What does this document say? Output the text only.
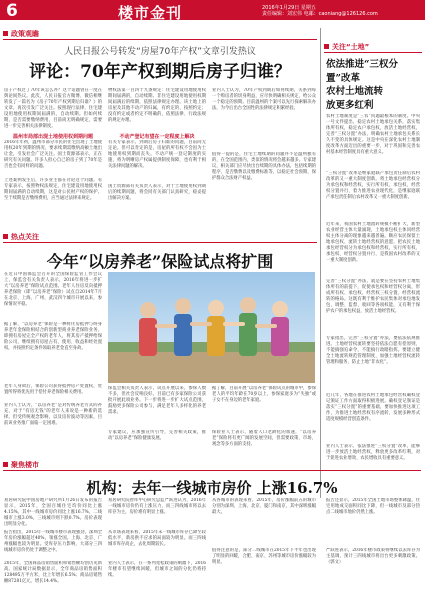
6	楼市金刊	2016年1月29日 星期五
责任编辑：刘宏伟 电邮：caoniang@126126.com
政策观瞻
人民日报公号转发“房屋70年产权”文章引发热议
评论：70年产权到期后房子归谁？
房子产权过了70年该怎么办？这个话题曾在一度在舆论间热议。此次，人民日报官方微博、微信相继转发了一篇名为《房子70年产权到期后归谁？》的文章，再次引发广泛关注。按照现行法律，住宅建设用地使用权期间届满的，自动续期。但如何续期、是否需要缴纳费用，目前尚无明确规定，需要进一步完善相关法律制度。
温州市局部出现土地使用权到期问题
2016年年初，温州市部分市民的住宅出现了土地使用权20年到期的情况，要求续期需缴纳高额土地出让金，引发社会广泛关注。国土资源部表示，正在研究有关问题。许多人担心自己的房子到了70年是否也会有同样的问题。
上述案例发生后，许多业主都在讨论这个问题。有专家表示，按照物权法规定，住宅建设用地使用权期间届满的自动续期，这是对公民财产权的保护。至于续期是否缴纳费用，应当通过法律来规定。
物权法第一百四十九条规定：住宅建设用地使用权期间届满的，自动续期。非住宅建设用地使用权期间届满后的续期，依照法律规定办理。该土地上的房屋及其他不动产的归属，有约定的，按照约定；没有约定或者约定不明确的，依照法律、行政法规的规定办理。
不动产登记有望在一定程度上解决
有关专家表示，到期后房子归谁的问题，目前尚无定论。但可以肯定的是，房屋的所有权不会因为土地使用权到期而丧失。不动产统一登记制度的实施，将为明晰房产权属提供制度保障，也有利于相关法律问题的解决。
国土资源部有关负责人表示，对于土地使用权到期后的续期问题，将会同有关部门认真研究，稳妥提出解决方案。
业内人士认为，70年产权到期后如何续期，关系到每一个购房者的切身利益，应尽快明确相关规定，给公众一个稳定的预期。目前温州的个案可以先行探索解决办法，为今后出台全国性的法律规定积累经验。
值得一提的是，住宅土地续期的问题并不是温州独有的，在全国范围内，类似的情况将会越来越多。专家建议，相关部门应尽快出台续期的具体办法，包括续期的程序、是否缴费以及缴费标准等，以稳定社会预期，保护群众合法财产权益。
关注“土地”
依法推进“三权分置”改革
农村土地流转
放更多红利
农村土地制度是“三农”问题最根本的制度。中央一号文件提出，稳定农村土地承包关系，落实集体所有权，稳定农户承包权，放活土地经营权，完善“三权分置”办法，明确农村土地承包关系长久不变的具体规定。这是中央在深化农村土地制度改革方面迈出的重要一步，对于巩固和完善农村基本经营制度具有重大意义。
“三权分置”改革是继家庭联产承包责任制后农村改革的又一重大制度创新。将土地承包经营权分为承包权和经营权，实行所有权、承包权、经营权分置并行，着力推进农业现代化，是继家庭联产承包责任制后农村改革又一重大制度创新。
近年来，我国农村土地流转规模不断扩大，新型农业经营主体大量涌现，土地承包权主体同经营权主体分离的现象越来越普遍。顺应农民保留土地承包权、流转土地经营权的意愿，把农民土地承包经营权分为承包权和经营权，实行所有权、承包权、经营权分置并行，是我国农村改革的又一重大制度创新。
完善“三权分置”办法，就是要在坚持农村土地集体所有的前提下，促使承包权和经营权分离，形成所有权、承包权、经营权三权分置、经营权流转的格局。这既有利于维护农民集体对承包地发包、调整、监督、收回等各项权能，又有利于保护农户的承包权益，放活土地经营权。
专家指出，完善“三权分置”办法，要依法依规推进。土地经营权流转要坚持依法自愿有偿原则，不能搞强迫命令，不能搞行政瞎指挥。要建立健全土地流转规范管理制度，加强土地经营权流转管理和服务，防止土地“非农化”。
近几年，各地在推进农村土地承包经营权确权登记颁证工作方面取得积极进展。确权登记颁证是落实“三权分置”的重要基础，要加快推进这项工作，为推进土地经营权有序流转、发展多种形式适度规模经营创造条件。
业内人士表示，依法推进“三权分置”改革，能够进一步放活土地经营权，释放更多改革红利，对于促进农业增效、农民增收具有重要意义。
热点关注
今年“以房养老”保险试点将扩围
在近日中国保监会召开的全国保险监管工作会议上，保监会有关负责人表示，2016年将进一步扩大“以房养老”保险试点范围。老年人住房反向抵押养老保险（即“以房养老”保险）试点自2014年7月在北京、上海、广州、武汉四个城市开展以来，参保情况平稳。
据了解，“以房养老”保险是一种将住房抵押与终身养老年金保险相结合的创新型商业养老保险业务，即拥有房屋完全产权的老年人，将其房产抵押给保险公司，继续拥有房屋占有、使用、收益和经处置权，并按照约定条件领取养老金直至身故。
老年人身故后，保险公司获得抵押房产处置权，处置所得将优先用于偿付养老保险相关费用。
保监会相关负责人表示，试点开展以来，参保人数不多，但社会反响良好。目前已有多家保险公司获批开展此项业务。下一步将进一步扩大试点范围，鼓励更多保险公司参与，满足老年人多样化的养老需求。
据了解，目前开展“以房养老”保险试点的城市中，参保老人的平均年龄在70岁以上，参保家庭多为“失独”或子女不在身边的老年家庭。
业内人士认为，“以房养老”是对传统养老方式的补充，对于“有房无钱”的老年人来说是一种新的选择。但受传统观念影响，以及房价波动等因素，目前该业务推广面临一定困难。
专家建议，应加强宣传引导，完善相关政策，推动“以房养老”保险健康发展。
保险业人士表示，随着人口老龄化的加速，“以房养老”保险将有更广阔的发展空间，但需要政策、市场、观念等多方面的支持。
聚焦楼市
机构：去年一线城市房价 上涨16.7%
易居研究院中国房地产研究所1月26日发布的报告显示，2015年，全国百城住宅均价同比上涨4.15%，其中一线城市房价同比上涨16.7%，二线城市上涨3.0%，三线城市则下跌0.7%。房价表现出明显分化。
报告指出，2015年一线城市楼市表现强劲，深圳全年房价涨幅超过40%，领涨全国。上海、北京、广州涨幅也较为明显。受库存压力影响，大部分三四线城市房价仍处于调整之中。
2015年，全国商品房销售面积和销售额均创历史新高。国家统计局数据显示，全年商品房销售面积128495万平方米，比上年增长6.5%；商品房销售额87281亿元，增长14.4%。
易居研究院智库中心研究总监严跃进认为，2016年一线城市房价仍有上涨压力，而三四线城市将以去库存为主，房价难有明显上涨。
从市场表现来看，2015年末一线城市库存已降至较低水平，新房供不应求的局面较为明显。而三四线城市库存高企，去化周期较长。
业内人士表示，在一系列宽松政策的刺激下，2016年楼市有望继续回暖，但城市之间的分化仍将持续。
从各城市的表现来看，2015年，房价涨幅前五的城市分别为深圳、上海、北京、厦门和南京，其中深圳涨幅最大。
值得注意的是，部分二线城市在2015年下半年也出现了明显的回暖，合肥、南京、苏州等城市房价涨幅较为明显。
报告还显示，2015年全国土地市场整体降温，住宅用地成交面积同比下降，但一线城市及部分热点二线城市地价仍然上涨。
严跃进表示，2016年楼市政策将继续以去库存为主基调，预计三四线城市将出台更多刺激政策。（郭文）
